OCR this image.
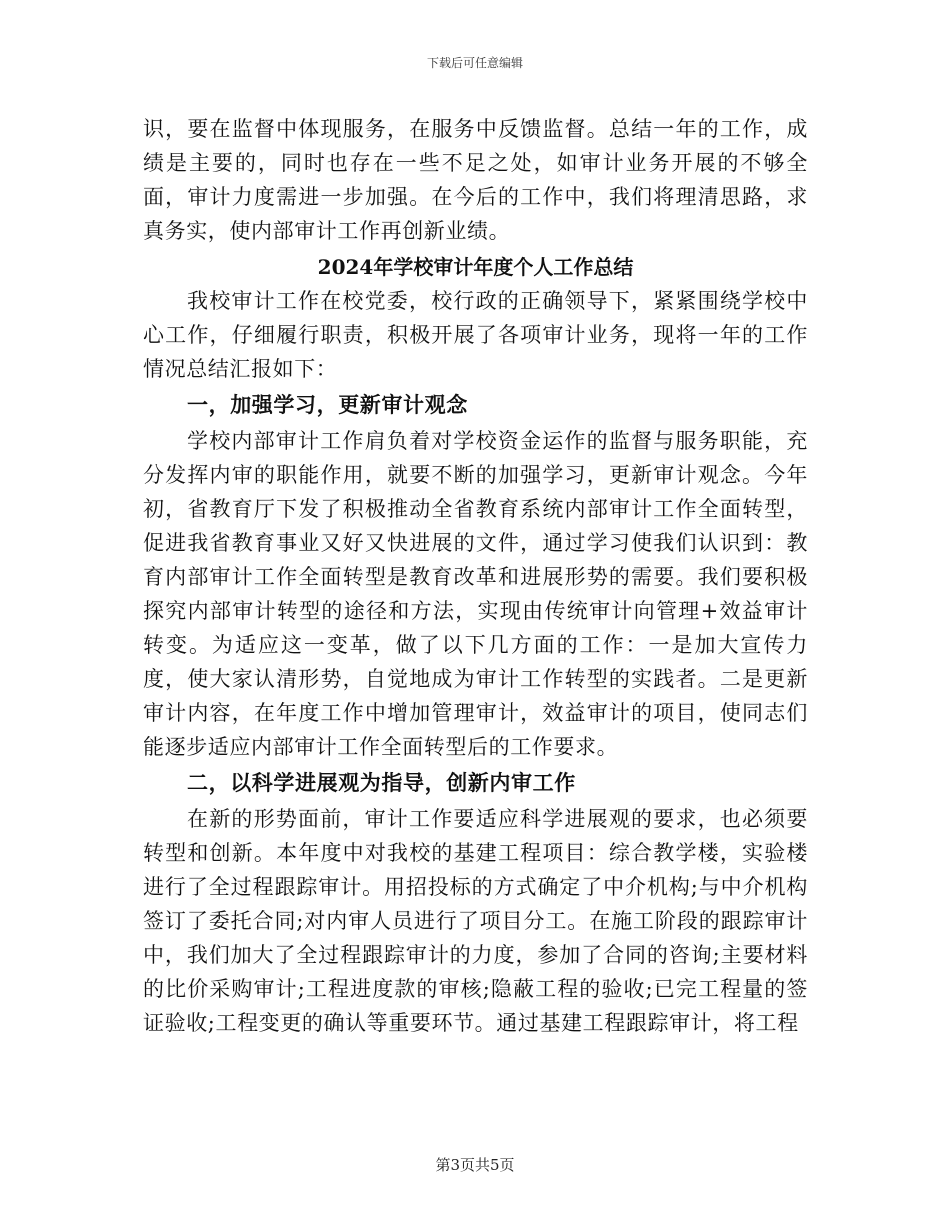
下载后可任意编辑

识，要在监督中体现服务，在服务中反馈监督。总结一年的工作，成绩是主要的，同时也存在一些不足之处，如审计业务开展的不够全面，审计力度需进一步加强。在今后的工作中，我们将理清思路，求真务实，使内部审计工作再创新业绩。

2024年学校审计年度个人工作总结

我校审计工作在校党委，校行政的正确领导下，紧紧围绕学校中心工作，仔细履行职责，积极开展了各项审计业务，现将一年的工作情况总结汇报如下：

一，加强学习，更新审计观念

学校内部审计工作肩负着对学校资金运作的监督与服务职能，充分发挥内审的职能作用，就要不断的加强学习，更新审计观念。今年初，省教育厅下发了积极推动全省教育系统内部审计工作全面转型，促进我省教育事业又好又快进展的文件，通过学习使我们认识到：教育内部审计工作全面转型是教育改革和进展形势的需要。我们要积极探究内部审计转型的途径和方法，实现由传统审计向管理+效益审计转变。为适应这一变革，做了以下几方面的工作：一是加大宣传力度，使大家认清形势，自觉地成为审计工作转型的实践者。二是更新审计内容，在年度工作中增加管理审计，效益审计的项目，使同志们能逐步适应内部审计工作全面转型后的工作要求。

二，以科学进展观为指导，创新内审工作

在新的形势面前，审计工作要适应科学进展观的要求，也必须要转型和创新。本年度中对我校的基建工程项目：综合教学楼，实验楼进行了全过程跟踪审计。用招投标的方式确定了中介机构;与中介机构签订了委托合同;对内审人员进行了项目分工。在施工阶段的跟踪审计中，我们加大了全过程跟踪审计的力度，参加了合同的咨询;主要材料的比价采购审计;工程进度款的审核;隐蔽工程的验收;已完工程量的签证验收;工程变更的确认等重要环节。通过基建工程跟踪审计，将工程

第3页共5页
